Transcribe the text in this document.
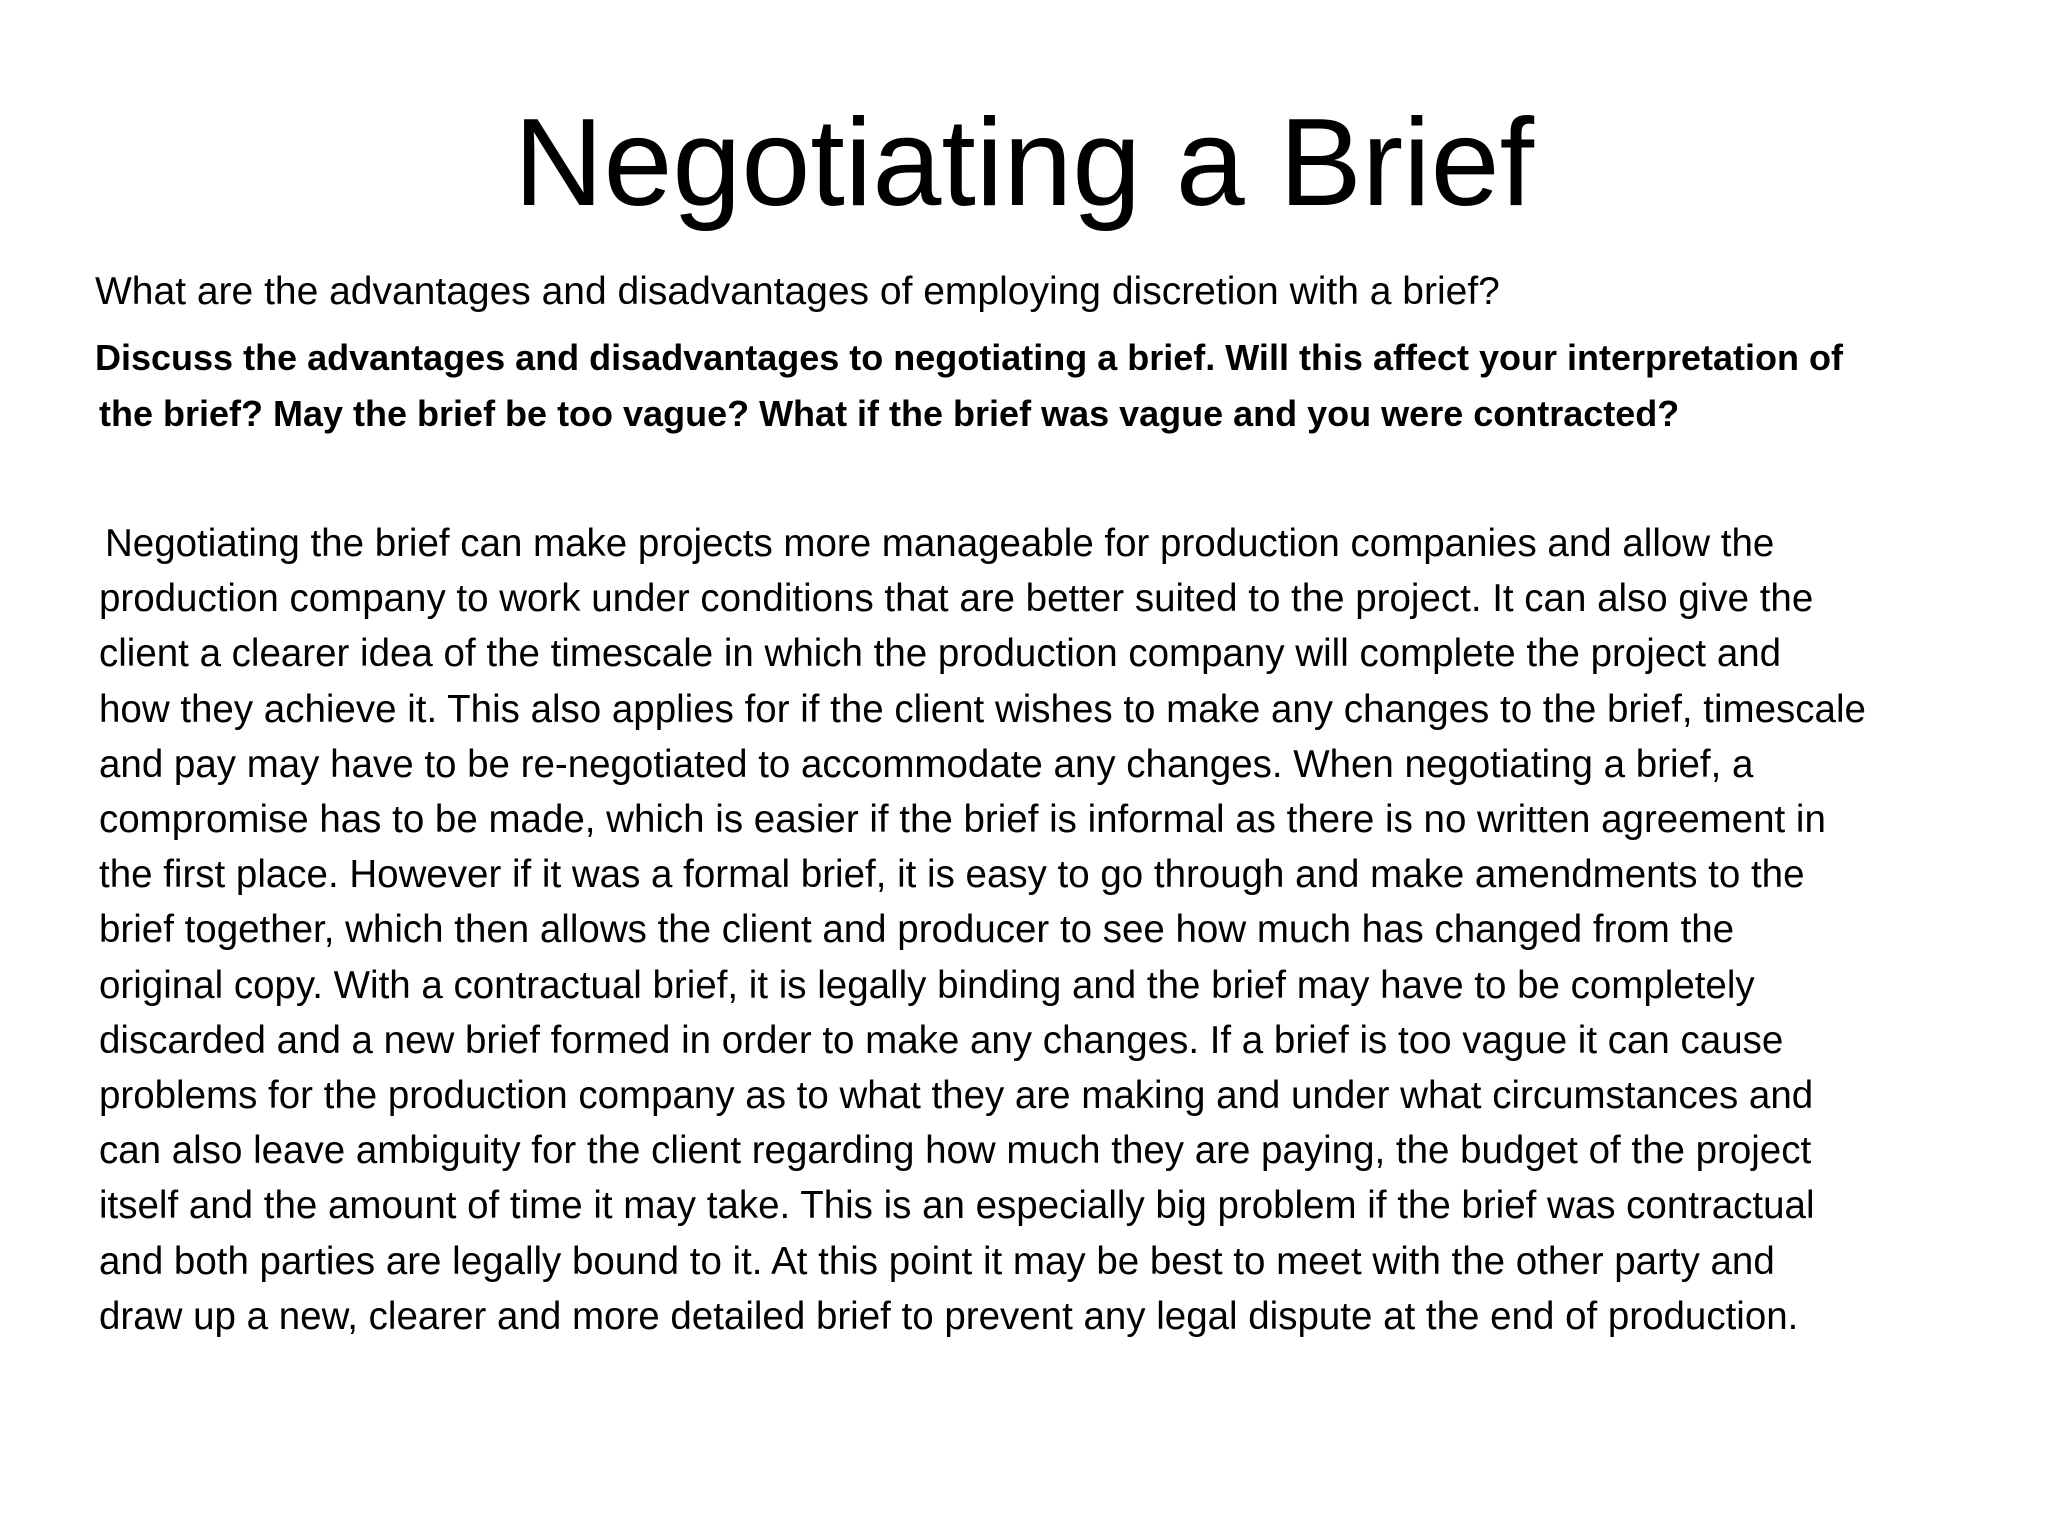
Negotiating a Brief

What are the advantages and disadvantages of employing discretion with a brief?

Discuss the advantages and disadvantages to negotiating a brief. Will this affect your interpretation of
the brief? May the brief be too vague? What if the brief was vague and you were contracted?
Negotiating the brief can make projects more manageable for production companies and allow the
production company to work under conditions that are better suited to the project. It can also give the
client a clearer idea of the timescale in which the production company will complete the project and
how they achieve it. This also applies for if the client wishes to make any changes to the brief, timescale
and pay may have to be re-negotiated to accommodate any changes. When negotiating a brief, a
compromise has to be made, which is easier if the brief is informal as there is no written agreement in
the first place. However if it was a formal brief, it is easy to go through and make amendments to the
brief together, which then allows the client and producer to see how much has changed from the
original copy. With a contractual brief, it is legally binding and the brief may have to be completely
discarded and a new brief formed in order to make any changes. If a brief is too vague it can cause
problems for the production company as to what they are making and under what circumstances and
can also leave ambiguity for the client regarding how much they are paying, the budget of the project
itself and the amount of time it may take. This is an especially big problem if the brief was contractual
and both parties are legally bound to it. At this point it may be best to meet with the other party and
draw up a new, clearer and more detailed brief to prevent any legal dispute at the end of production.
